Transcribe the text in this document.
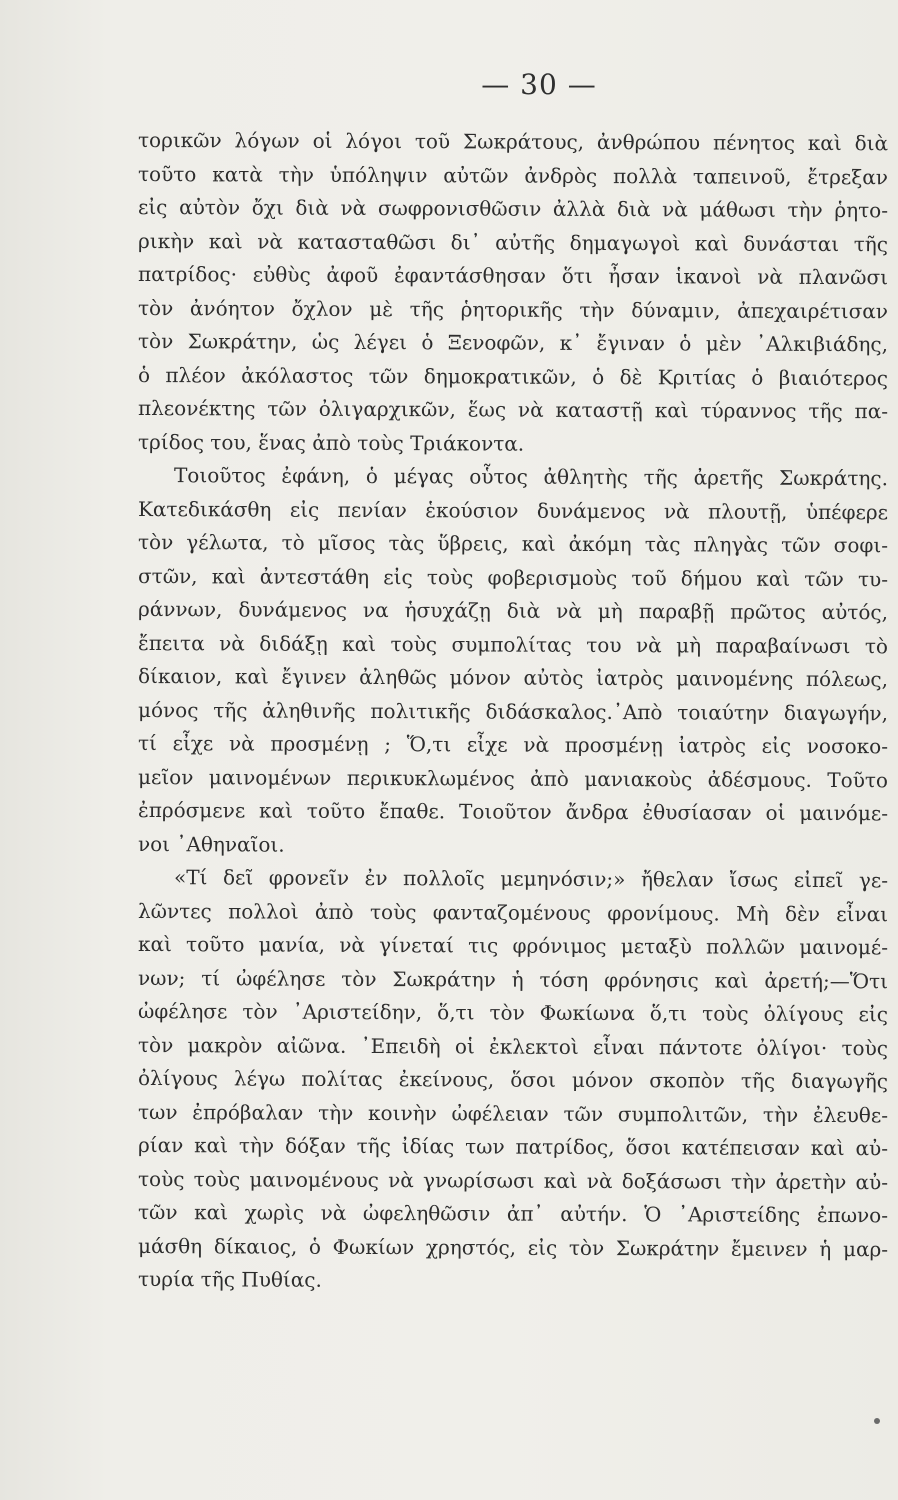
— 30 —
τορικῶν λόγων οἱ λόγοι τοῦ Σωκράτους, ἀνθρώπου πένητος καὶ διὰ
τοῦτο κατὰ τὴν ὑπόληψιν αὐτῶν ἀνδρὸς πολλὰ ταπεινοῦ, ἔτρεξαν
εἰς αὐτὸν ὄχι διὰ νὰ σωφρονισθῶσιν ἀλλὰ διὰ νὰ μάθωσι τὴν ῥητο-
ρικὴν καὶ νὰ κατασταθῶσι δι᾽ αὐτῆς δημαγωγοὶ καὶ δυνάσται τῆς
πατρίδος· εὐθὺς ἀφοῦ ἐφαντάσθησαν ὅτι ἦσαν ἱκανοὶ νὰ πλανῶσι
τὸν ἀνόητον ὄχλον μὲ τῆς ῥητορικῆς τὴν δύναμιν, ἀπεχαιρέτισαν
τὸν Σωκράτην, ὡς λέγει ὁ Ξενοφῶν, κ᾽ ἔγιναν ὁ μὲν ᾽Αλκιβιάδης,
ὁ πλέον ἀκόλαστος τῶν δημοκρατικῶν, ὁ δὲ Κριτίας ὁ βιαιότερος
πλεονέκτης τῶν ὀλιγαρχικῶν, ἕως νὰ καταστῇ καὶ τύραννος τῆς πα-
τρίδος του, ἕνας ἀπὸ τοὺς Τριάκοντα.
Τοιοῦτος ἐφάνη, ὁ μέγας οὗτος ἀθλητὴς τῆς ἀρετῆς Σωκράτης.
Κατεδικάσθη εἰς πενίαν ἑκούσιον δυνάμενος νὰ πλουτῇ, ὑπέφερε
τὸν γέλωτα, τὸ μῖσος τὰς ὕβρεις, καὶ ἀκόμη τὰς πληγὰς τῶν σοφι-
στῶν, καὶ ἀντεστάθη εἰς τοὺς φοβερισμοὺς τοῦ δήμου καὶ τῶν τυ-
ράννων, δυνάμενος να ἡσυχάζῃ διὰ νὰ μὴ παραβῇ πρῶτος αὐτός,
ἔπειτα νὰ διδάξῃ καὶ τοὺς συμπολίτας του νὰ μὴ παραβαίνωσι τὸ
δίκαιον, καὶ ἔγινεν ἀληθῶς μόνον αὐτὸς ἰατρὸς μαινομένης πόλεως,
μόνος τῆς ἀληθινῆς πολιτικῆς διδάσκαλος.᾽Απὸ τοιαύτην διαγωγήν,
τί εἶχε νὰ προσμένῃ ; Ὅ,τι εἶχε νὰ προσμένῃ ἰατρὸς εἰς νοσοκο-
μεῖον μαινομένων περικυκλωμένος ἀπὸ μανιακοὺς ἀδέσμους. Τοῦτο
ἐπρόσμενε καὶ τοῦτο ἔπαθε. Τοιοῦτον ἄνδρα ἐθυσίασαν οἱ μαινόμε-
νοι ᾽Αθηναῖοι.
«Τί δεῖ φρονεῖν ἐν πολλοῖς μεμηνόσιν;» ἤθελαν ἴσως εἰπεῖ γε-
λῶντες πολλοὶ ἀπὸ τοὺς φανταζομένους φρονίμους. Μὴ δὲν εἶναι
καὶ τοῦτο μανία, νὰ γίνεταί τις φρόνιμος μεταξὺ πολλῶν μαινομέ-
νων; τί ὠφέλησε τὸν Σωκράτην ἡ τόση φρόνησις καὶ ἀρετή;—Ὅτι
ὠφέλησε τὸν ᾽Αριστείδην, ὅ,τι τὸν Φωκίωνα ὅ,τι τοὺς ὀλίγους εἰς
τὸν μακρὸν αἰῶνα. ᾽Επειδὴ οἱ ἐκλεκτοὶ εἶναι πάντοτε ὀλίγοι· τοὺς
ὀλίγους λέγω πολίτας ἐκείνους, ὅσοι μόνον σκοπὸν τῆς διαγωγῆς
των ἐπρόβαλαν τὴν κοινὴν ὠφέλειαν τῶν συμπολιτῶν, τὴν ἐλευθε-
ρίαν καὶ τὴν δόξαν τῆς ἰδίας των πατρίδος, ὅσοι κατέπεισαν καὶ αὐ-
τοὺς τοὺς μαινομένους νὰ γνωρίσωσι καὶ νὰ δοξάσωσι τὴν ἀρετὴν αὐ-
τῶν καὶ χωρὶς νὰ ὠφεληθῶσιν ἀπ᾽ αὐτήν. Ὁ ᾽Αριστείδης ἐπωνο-
μάσθη δίκαιος, ὁ Φωκίων χρηστός, εἰς τὸν Σωκράτην ἔμεινεν ἡ μαρ-
τυρία τῆς Πυθίας.
